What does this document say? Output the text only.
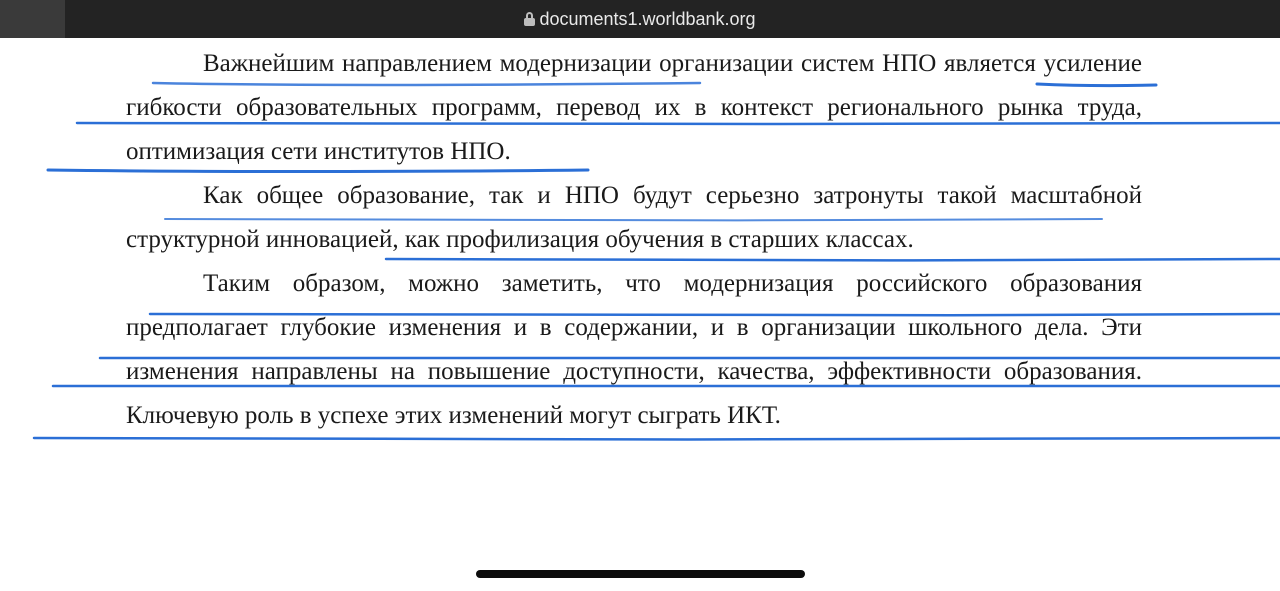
documents1.worldbank.org

Важнейшим направлением модернизации организации систем НПО является усиление гибкости образовательных программ, перевод их в контекст регионального рынка труда, оптимизация сети институтов НПО.

Как общее образование, так и НПО будут серьезно затронуты такой масштабной структурной инновацией, как профилизация обучения в старших классах.

Таким образом, можно заметить, что модернизация российского образования предполагает глубокие изменения и в содержании, и в организации школьного дела. Эти изменения направлены на повышение доступности, качества, эффективности образования. Ключевую роль в успехе этих изменений могут сыграть ИКТ.
